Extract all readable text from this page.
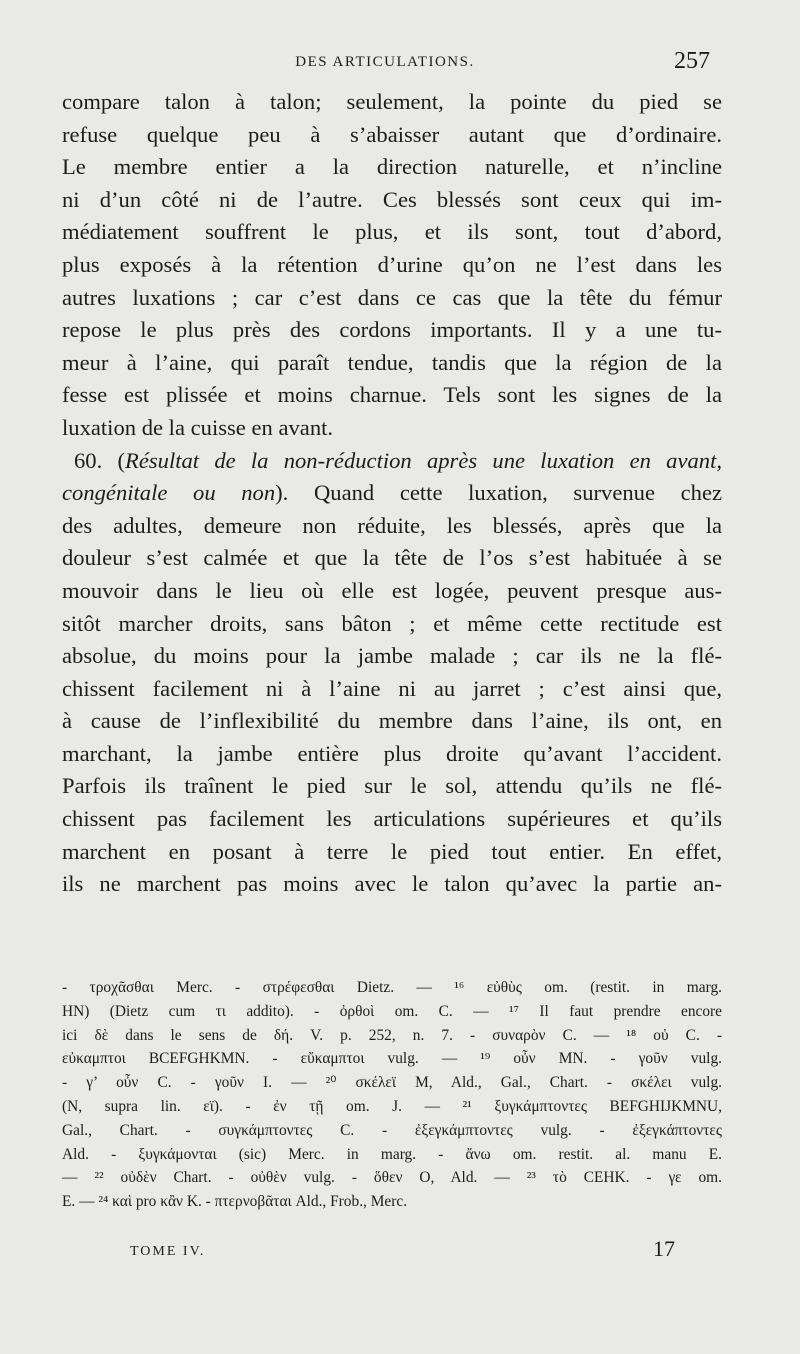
DES ARTICULATIONS.	257
compare talon à talon; seulement, la pointe du pied se
refuse quelque peu à s’abaisser autant que d’ordinaire.
Le membre entier a la direction naturelle, et n’incline
ni d’un côté ni de l’autre. Ces blessés sont ceux qui im-
médiatement souffrent le plus, et ils sont, tout d’abord,
plus exposés à la rétention d’urine qu’on ne l’est dans les
autres luxations ; car c’est dans ce cas que la tête du fémur
repose le plus près des cordons importants. Il y a une tu-
meur à l’aine, qui paraît tendue, tandis que la région de la
fesse est plissée et moins charnue. Tels sont les signes de la
luxation de la cuisse en avant.
60. (Résultat de la non-réduction après une luxation en avant,
congénitale ou non). Quand cette luxation, survenue chez
des adultes, demeure non réduite, les blessés, après que la
douleur s’est calmée et que la tête de l’os s’est habituée à se
mouvoir dans le lieu où elle est logée, peuvent presque aus-
sitôt marcher droits, sans bâton ; et même cette rectitude est
absolue, du moins pour la jambe malade ; car ils ne la flé-
chissent facilement ni à l’aine ni au jarret ; c’est ainsi que,
à cause de l’inflexibilité du membre dans l’aine, ils ont, en
marchant, la jambe entière plus droite qu’avant l’accident.
Parfois ils traînent le pied sur le sol, attendu qu’ils ne flé-
chissent pas facilement les articulations supérieures et qu’ils
marchent en posant à terre le pied tout entier. En effet,
ils ne marchent pas moins avec le talon qu’avec la partie an-
- τροχᾶσθαι Merc. - στρέφεσθαι Dietz. — ¹⁶ εὐθὺς om. (restit. in marg.
HN) (Dietz cum τι addito). - ὀρθοὶ om. C. — ¹⁷ Il faut prendre encore
ici δὲ dans le sens de δή. V. p. 252, n. 7. - συναρὸν C. — ¹⁸ οὐ C. -
εὐκαμπτοι BCEFGHKMN. - εὔκαμπτοι vulg. — ¹⁹ οὖν MN. - γοῦν vulg.
- γ’ οὖν C. - γοῦν I. — ²⁰ σκέλεϊ M, Ald., Gal., Chart. - σκέλει vulg.
(N, supra lin. εϊ). - ἐν τῇ om. J. — ²¹ ξυγκάμπτοντες BEFGHIJKMNU,
Gal., Chart. - συγκάμπτοντες C. - ἐξεγκάμπτοντες vulg. - ἐξεγκάπτοντες
Ald. - ξυγκάμονται (sic) Merc. in marg. - ἄνω om. restit. al. manu E.
— ²² οὐδὲν Chart. - οὐθὲν vulg. - ὅθεν O, Ald. — ²³ τὸ CEHK. - γε om.
E. — ²⁴ καὶ pro κἂν K. - πτερνοβᾶται Ald., Frob., Merc.
TOME IV.	17
